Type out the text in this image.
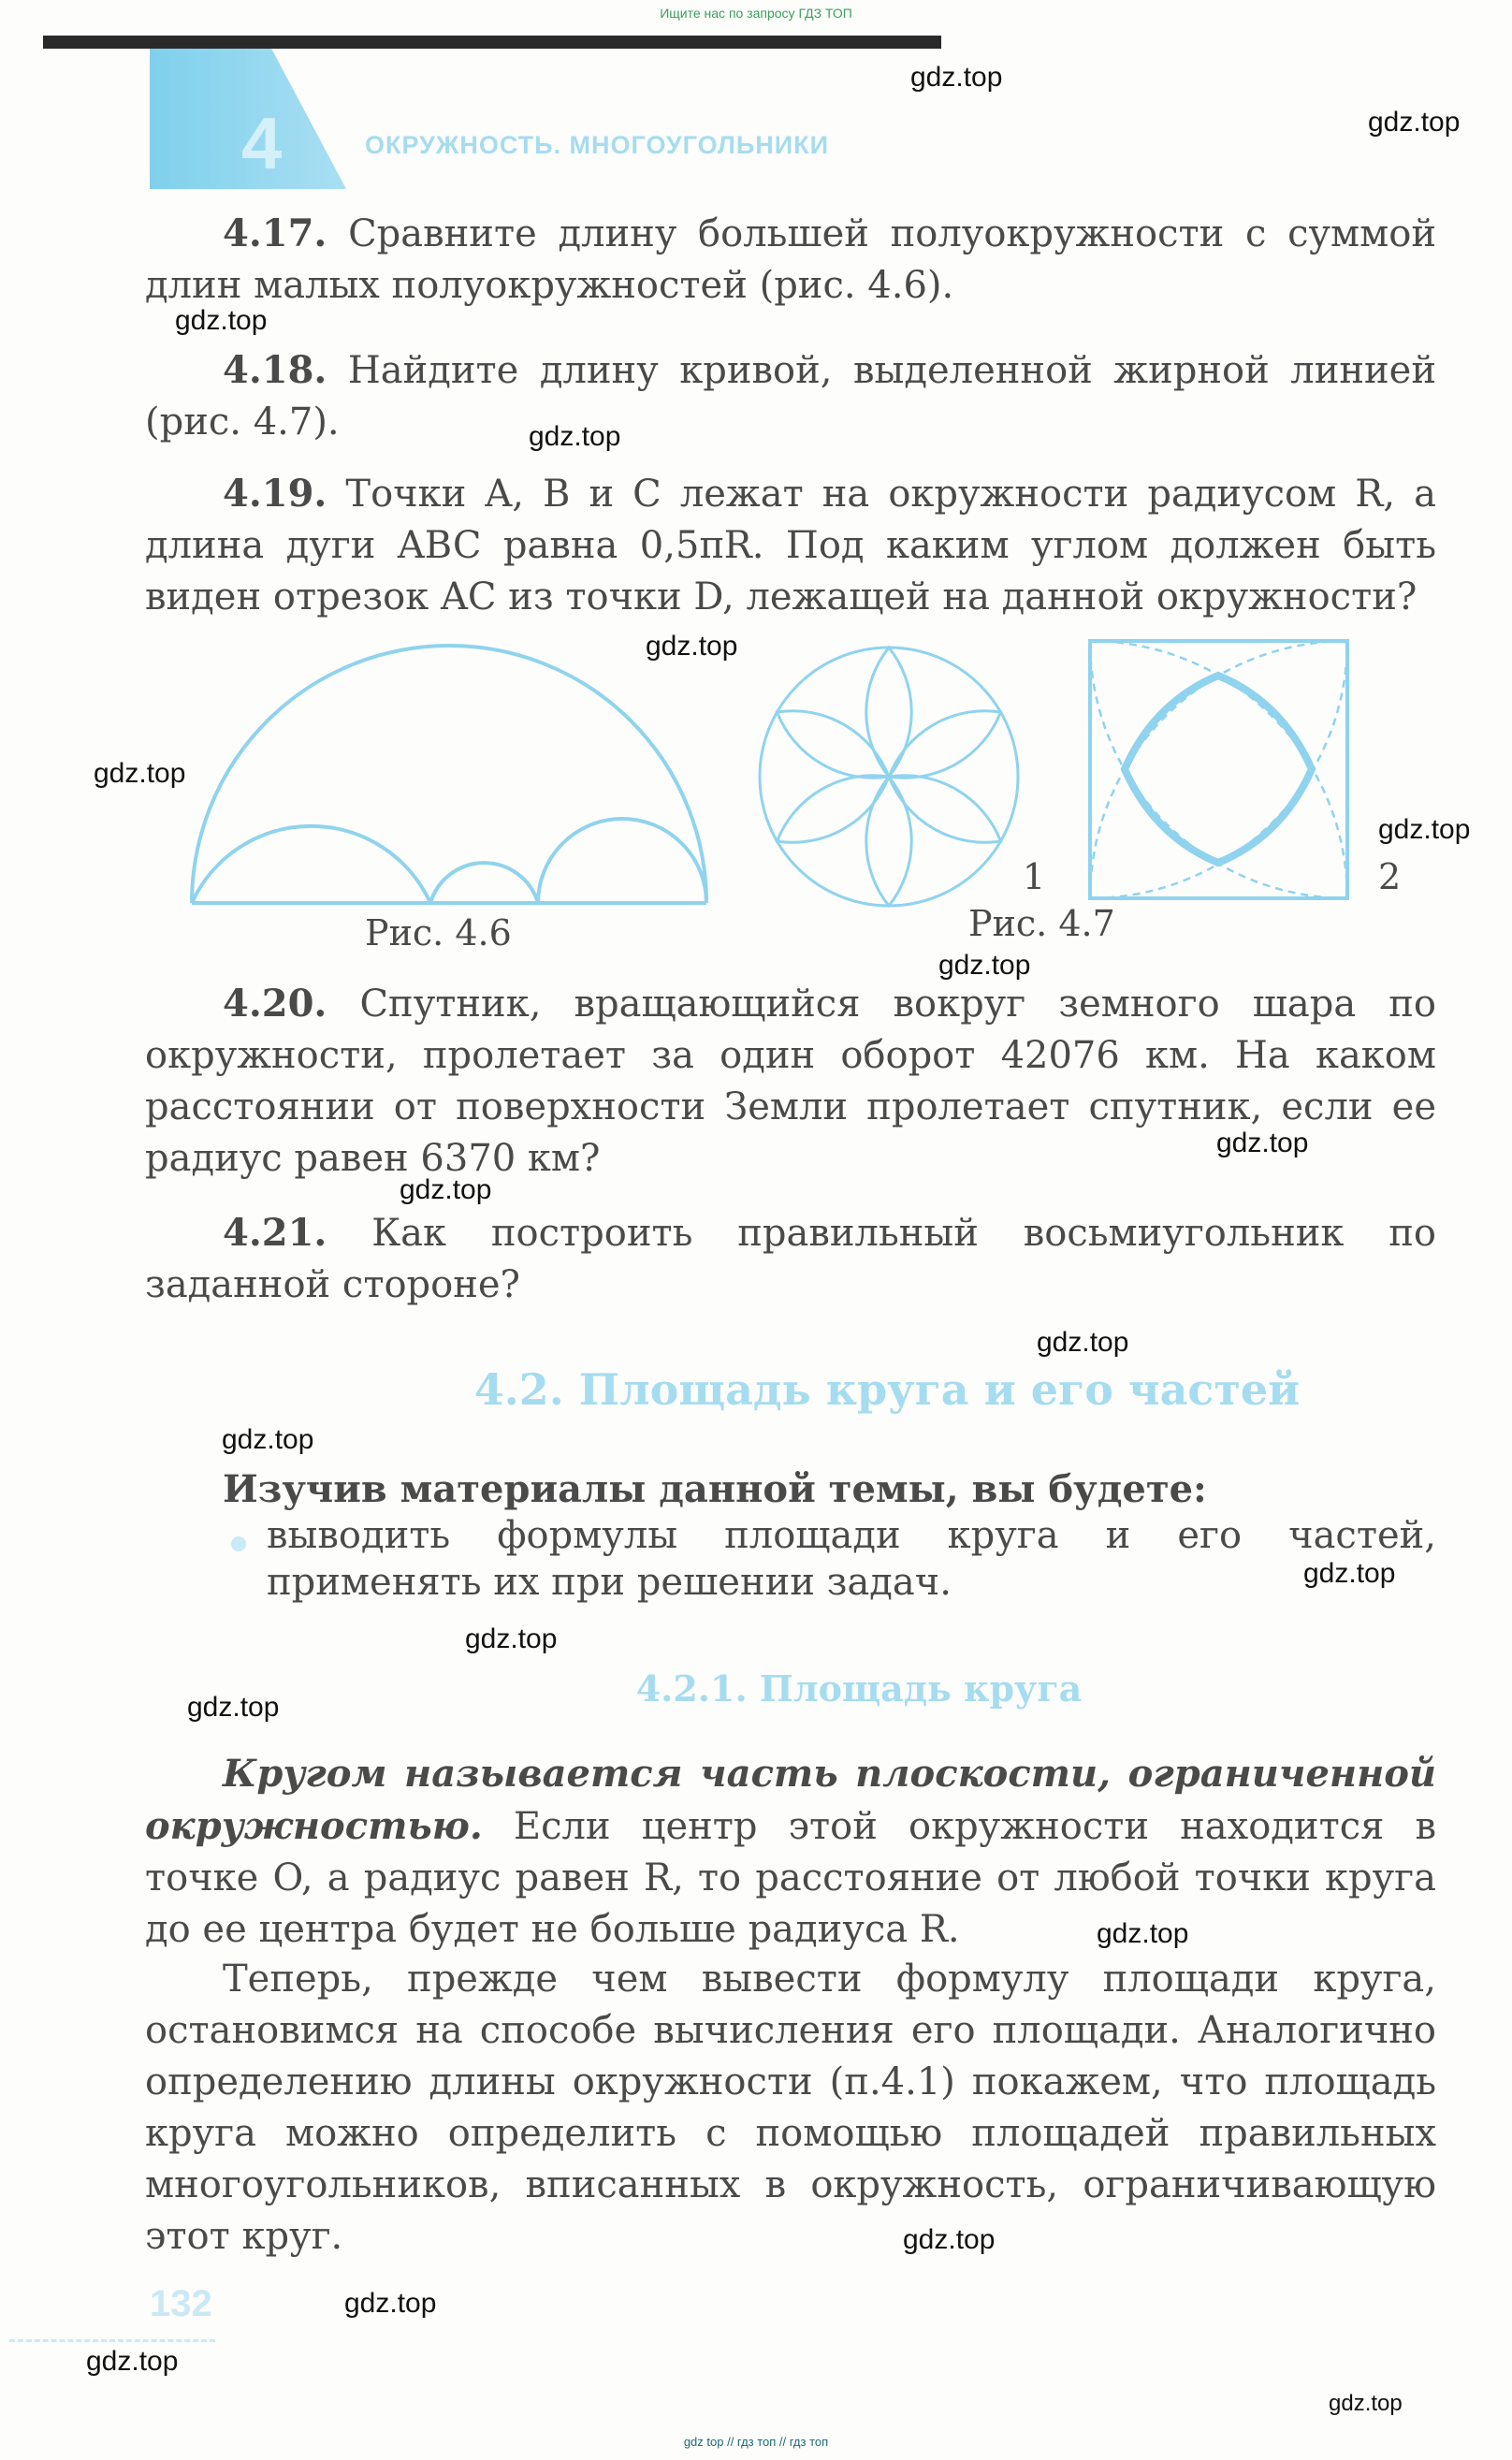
Ищите нас по запросу ГДЗ ТОП
4	ОКРУЖНОСТЬ. МНОГОУГОЛЬНИКИ
gdz.top
gdz.top
gdz.top
gdz.top
gdz.top
gdz.top
gdz.top
gdz.top
gdz.top
gdz.top
gdz.top
gdz.top
gdz.top
gdz.top
gdz.top
gdz.top
gdz.top
gdz.top
gdz.top
gdz.top
4.17. Сравните длину большей полуокружности с суммой длин малых полуокружностей (рис. 4.6).
4.18. Найдите длину кривой, выделенной жирной линией (рис. 4.7).
4.19. Точки A, B и C лежат на окружности радиусом R, а длина дуги ABC равна 0,5πR. Под каким углом должен быть виден отрезок AC из точки D, лежащей на данной окружности?
Рис. 4.6
1	2
Рис. 4.7
4.20. Спутник, вращающийся вокруг земного шара по окружности, пролетает за один оборот 42076 км. На каком расстоянии от поверхности Земли пролетает спутник, если ее радиус равен 6370 км?
4.21. Как построить правильный восьмиугольник по заданной стороне?
4.2. Площадь круга и его частей
Изучив материалы данной темы, вы будете:
выводить формулы площади круга и его частей, применять их при решении задач.
4.2.1. Площадь круга
Кругом называется часть плоскости, ограниченной окружностью. Если центр этой окружности находится в точке O, а радиус равен R, то расстояние от любой точки круга до ее центра будет не больше радиуса R.
Теперь, прежде чем вывести формулу площади круга, остановимся на способе вычисления его площади. Аналогично определению длины окружности (п.4.1) покажем, что площадь круга можно определить с помощью площадей правильных многоугольников, вписанных в окружность, ограничивающую этот круг.
132
gdz top // гдз топ // гдз топ
